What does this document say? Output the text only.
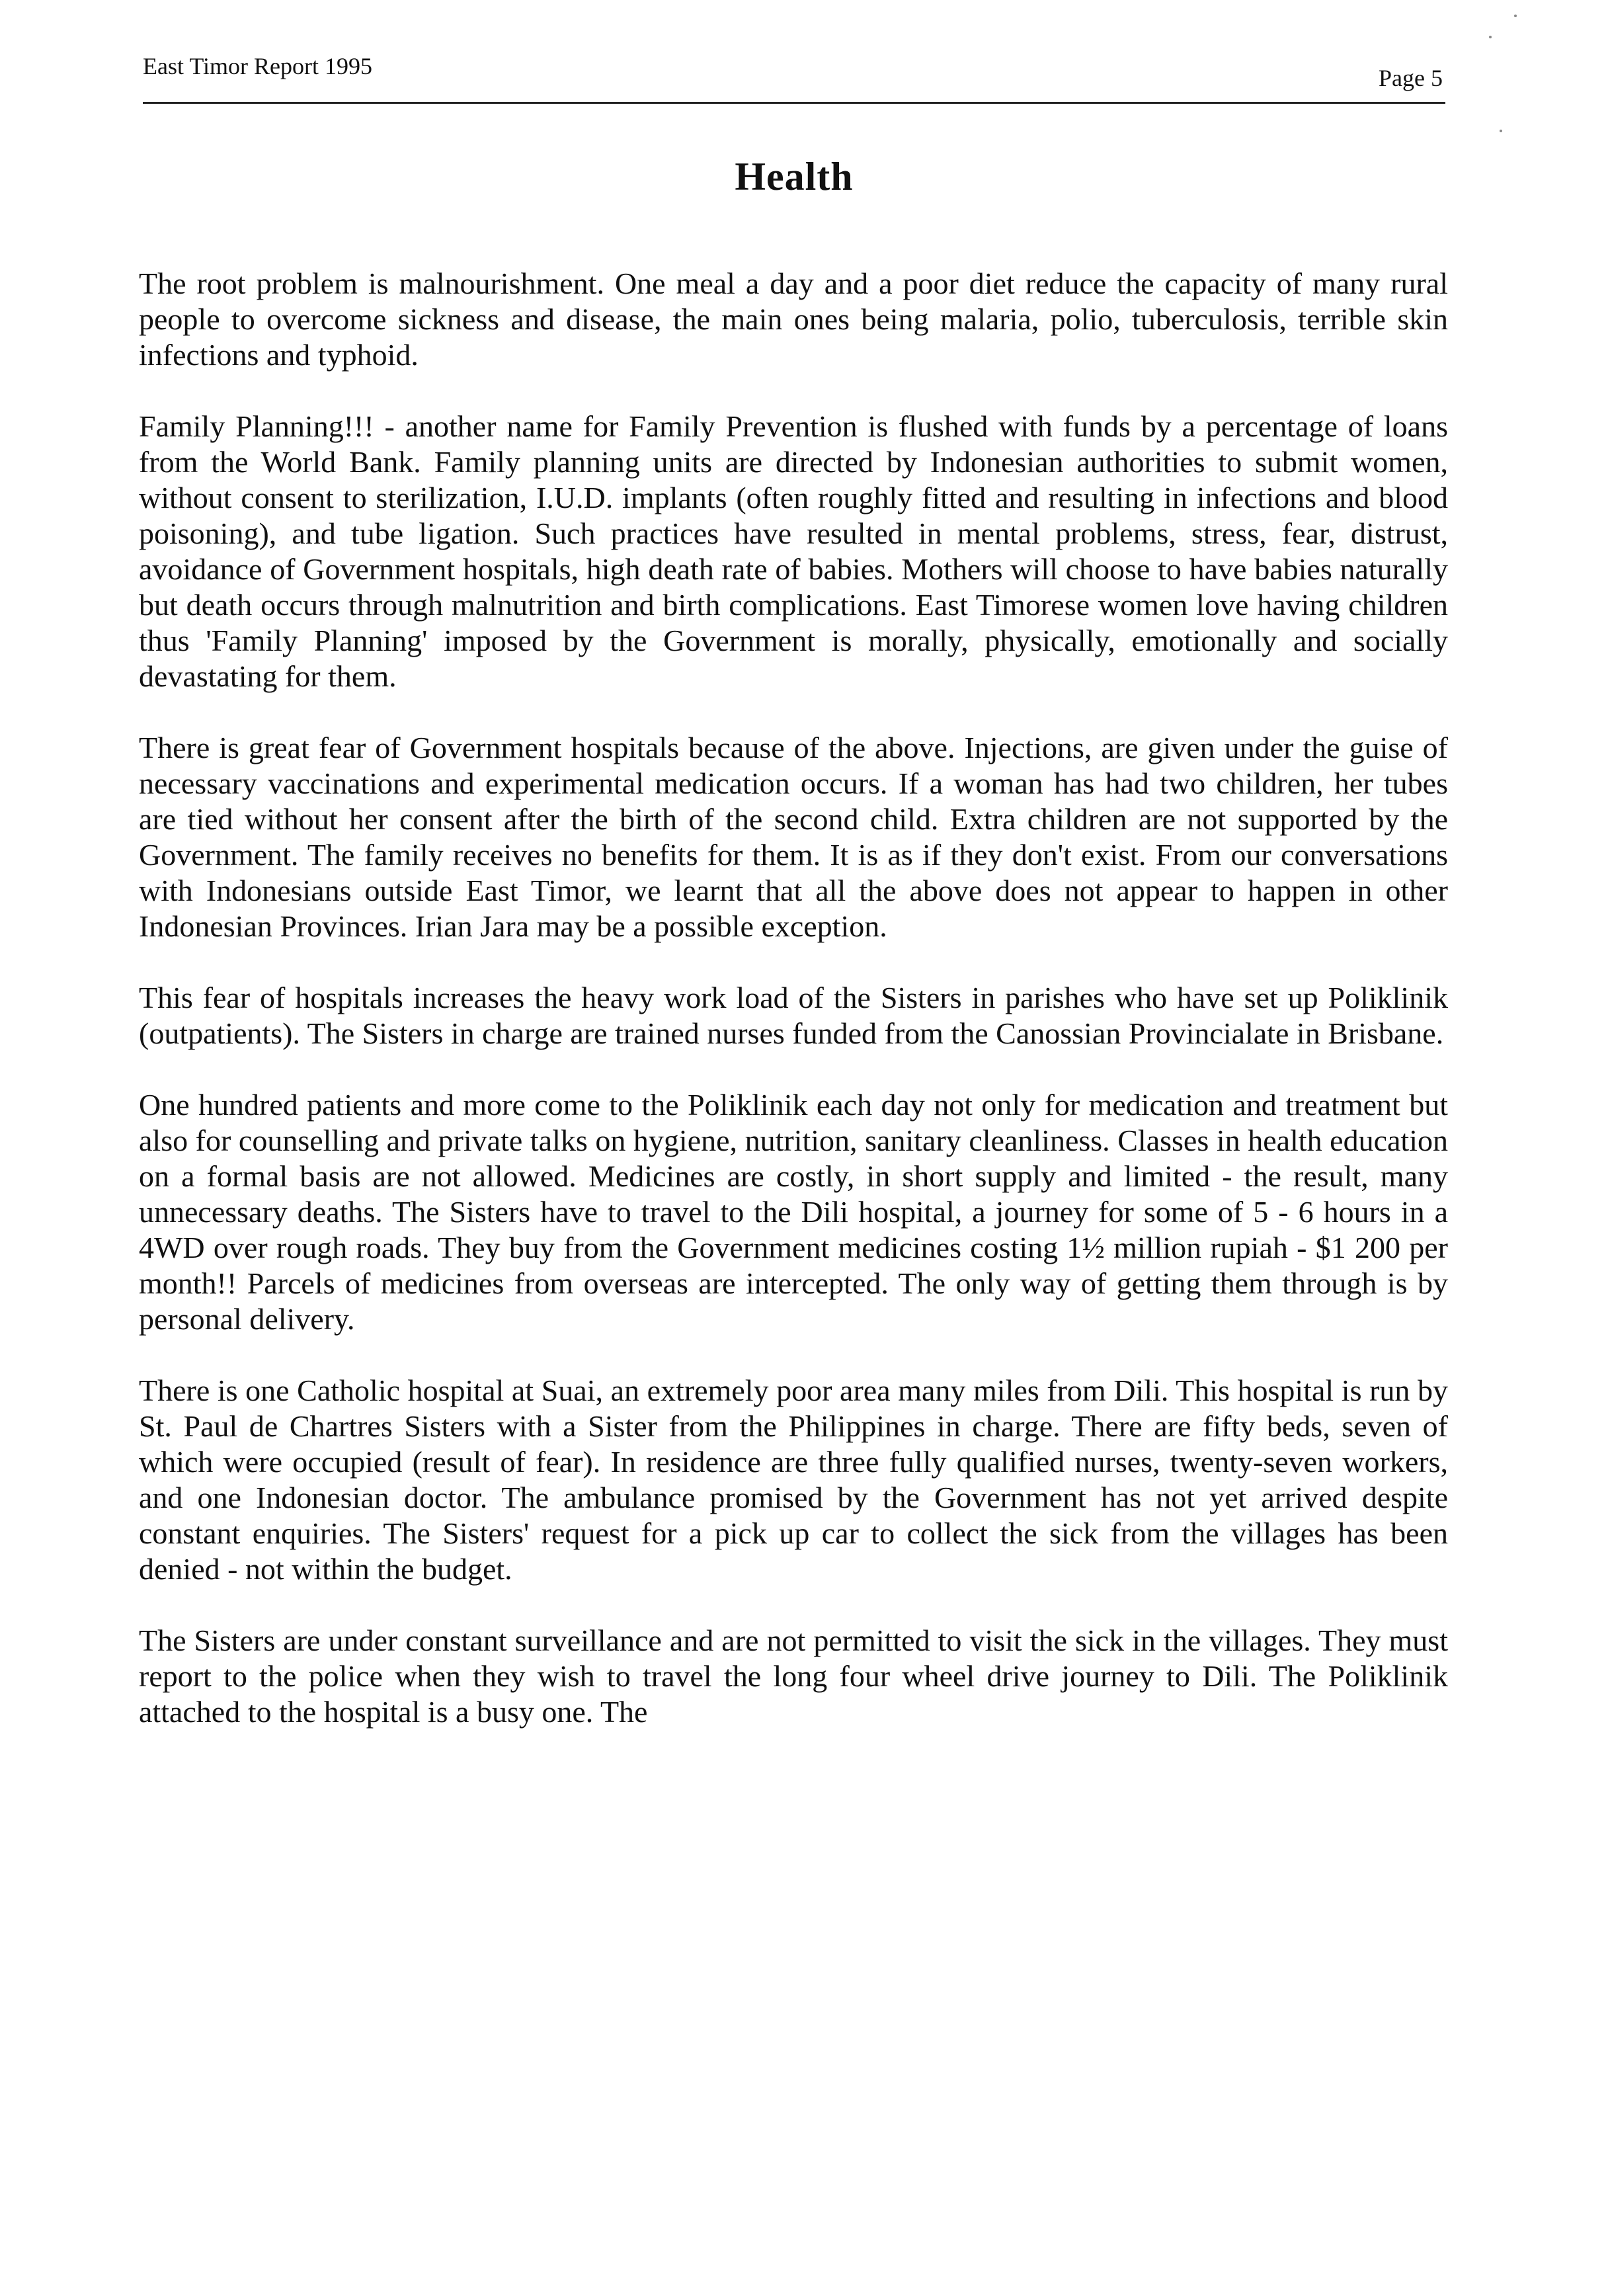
East Timor Report 1995	Page 5
Health

The root problem is malnourishment. One meal a day and a poor diet reduce the capacity of many rural people to overcome sickness and disease, the main ones being malaria, polio, tuberculosis, terrible skin infections and typhoid.

Family Planning!!! - another name for Family Prevention is flushed with funds by a percentage of loans from the World Bank. Family planning units are directed by Indonesian authorities to submit women, without consent to sterilization, I.U.D. implants (often roughly fitted and resulting in infections and blood poisoning), and tube ligation. Such practices have resulted in mental problems, stress, fear, distrust, avoidance of Government hospitals, high death rate of babies. Mothers will choose to have babies naturally but death occurs through malnutrition and birth complications. East Timorese women love having children thus 'Family Planning' imposed by the Government is morally, physically, emotionally and socially devastating for them.

There is great fear of Government hospitals because of the above. Injections, are given under the guise of necessary vaccinations and experimental medication occurs. If a woman has had two children, her tubes are tied without her consent after the birth of the second child. Extra children are not supported by the Government. The family receives no benefits for them. It is as if they don't exist. From our conversations with Indonesians outside East Timor, we learnt that all the above does not appear to happen in other Indonesian Provinces. Irian Jara may be a possible exception.

This fear of hospitals increases the heavy work load of the Sisters in parishes who have set up Poliklinik (outpatients). The Sisters in charge are trained nurses funded from the Canossian Provincialate in Brisbane.

One hundred patients and more come to the Poliklinik each day not only for medication and treatment but also for counselling and private talks on hygiene, nutrition, sanitary cleanliness. Classes in health education on a formal basis are not allowed. Medicines are costly, in short supply and limited - the result, many unnecessary deaths. The Sisters have to travel to the Dili hospital, a journey for some of 5 - 6 hours in a 4WD over rough roads. They buy from the Government medicines costing 1½ million rupiah - $1 200 per month!! Parcels of medicines from overseas are intercepted. The only way of getting them through is by personal delivery.

There is one Catholic hospital at Suai, an extremely poor area many miles from Dili. This hospital is run by St. Paul de Chartres Sisters with a Sister from the Philippines in charge. There are fifty beds, seven of which were occupied (result of fear). In residence are three fully qualified nurses, twenty-seven workers, and one Indonesian doctor. The ambulance promised by the Government has not yet arrived despite constant enquiries. The Sisters' request for a pick up car to collect the sick from the villages has been denied - not within the budget.

The Sisters are under constant surveillance and are not permitted to visit the sick in the villages. They must report to the police when they wish to travel the long four wheel drive journey to Dili. The Poliklinik attached to the hospital is a busy one. The
